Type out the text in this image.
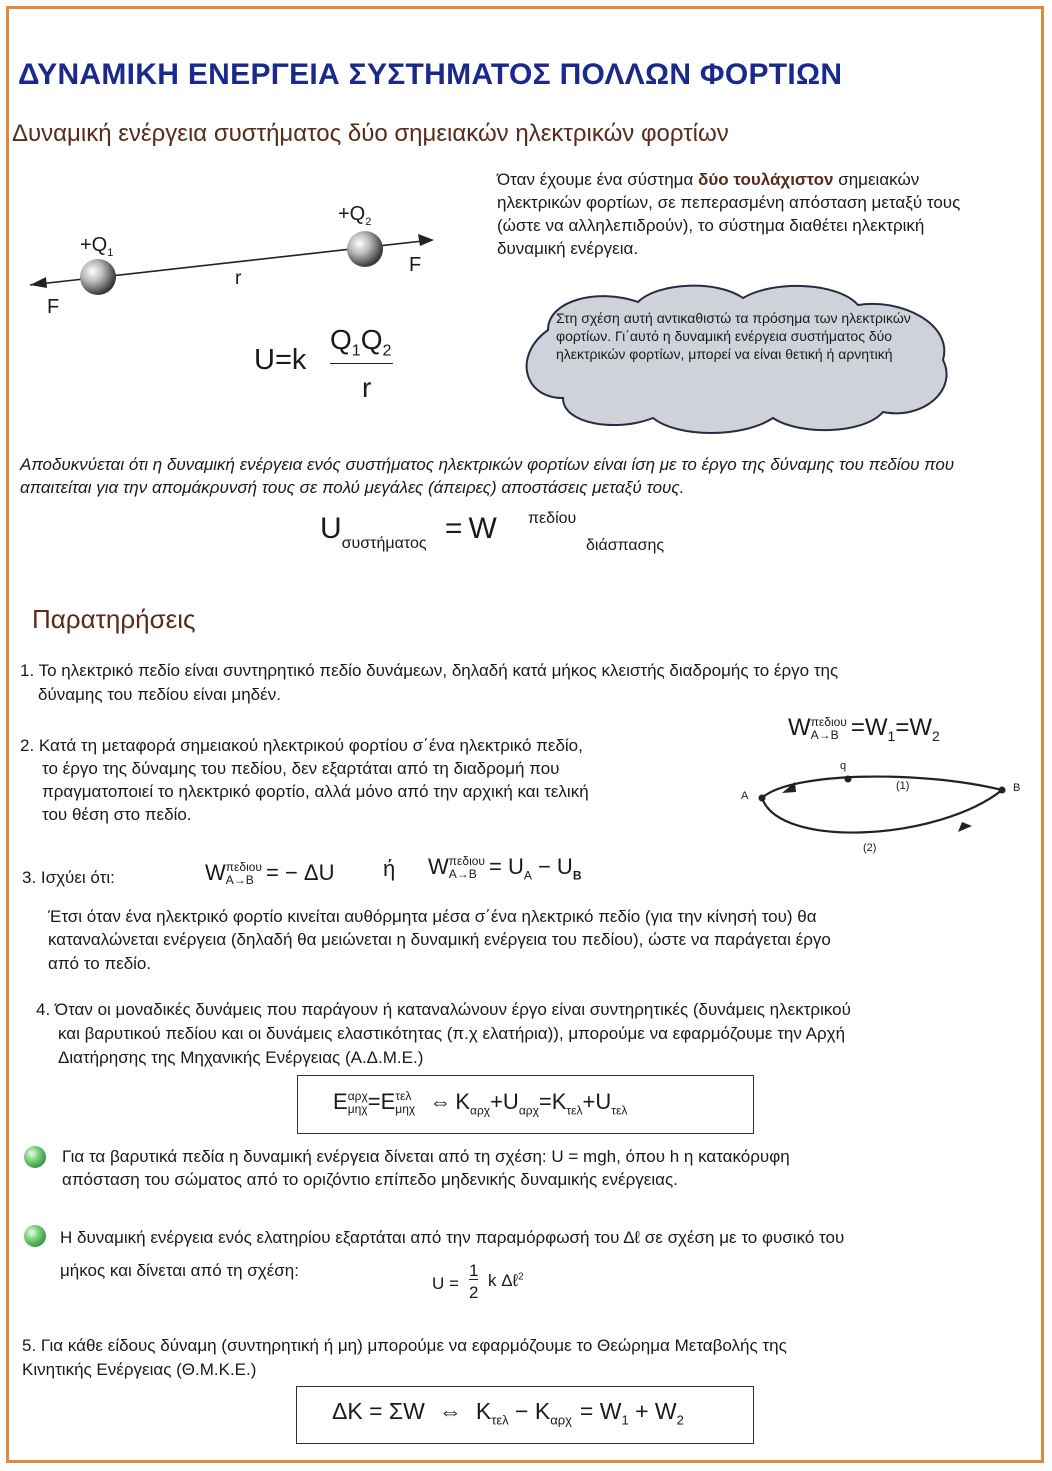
ΔΥΝΑΜΙΚΗ ΕΝΕΡΓΕΙΑ ΣΥΣΤΗΜΑΤΟΣ ΠΟΛΛΩΝ ΦΟΡΤΙΩΝ
Δυναμική ενέργεια συστήματος δύο σημειακών ηλεκτρικών φορτίων
$+Q_1$
$+Q_2$
r
F
F
U=k
$Q_1Q_2$
r
Όταν έχουμε ένα σύστημα δύο τουλάχιστον σημειακών ηλεκτρικών φορτίων, σε πεπερασμένη απόσταση μεταξύ τους (ώστε να αλληλεπιδρούν), το σύστημα διαθέτει ηλεκτρική δυναμική ενέργεια.
Στη σχέση αυτή αντικαθιστώ τα πρόσημα των ηλεκτρικών φορτίων. Γι΄αυτό η δυναμική ενέργεια συστήματος δύο ηλεκτρικών φορτίων, μπορεί να είναι θετική ή αρνητική
Αποδυκνύεται ότι η δυναμική ενέργεια ενός συστήματος ηλεκτρικών φορτίων είναι ίση με το έργο της δύναμης του πεδίου που απαιτείται για την απομάκρυνσή τους σε πολύ μεγάλες (άπειρες) αποστάσεις μεταξύ τους.
$U_{\sigma\upsilon\sigma\tau ή\mu\alpha\tau o\varsigma} = W$ πεδίου
διάσπασης
Παρατηρήσεις
1. Το ηλεκτρικό πεδίο είναι συντηρητικό πεδίο δυνάμεων, δηλαδή κατά μήκος κλειστής διαδρομής το έργο της
δύναμης του πεδίου είναι μηδέν.
2. Κατά τη μεταφορά σημειακού ηλεκτρικού φορτίου σ΄ένα ηλεκτρικό πεδίο,
το έργο της δύναμης του πεδίου, δεν εξαρτάται από τη διαδρομή που
πραγματοποιεί το ηλεκτρικό φορτίο, αλλά μόνο από την αρχική και τελική
του θέση στο πεδίο.
W πεδιου
$A\to B =W_1=W_2$
A
B
q
(1)
(2)
3. Ισχύει ότι:	W πεδιου
A→B = − ΔU ή W πεδιου
$A\to B = U_A - U_B$
Έτσι όταν ένα ηλεκτρικό φορτίο κινείται αυθόρμητα μέσα σ΄ένα ηλεκτρικό πεδίο (για την κίνησή του) θα
καταναλώνεται ενέργεια (δηλαδή θα μειώνεται η δυναμική ενέργεια του πεδίου), ώστε να παράγεται έργο
από το πεδίο.
4. Όταν οι μοναδικές δυνάμεις που παράγουν ή καταναλώνουν έργο είναι συντηρητικές (δυνάμεις ηλεκτρικού
και βαρυτικού πεδίου και οι δυνάμεις ελαστικότητας (π.χ ελατήρια)), μπορούμε να εφαρμόζουμε την Αρχή
Διατήρησης της Μηχανικής Ενέργειας (Α.Δ.Μ.Ε.)
E αρχ
μηχ =E τελ
μηχ ⇔ $K_{\alpha\rho\chi}+U_{\alpha\rho\chi}=K_{\tau\varepsilon\lambda}+U_{\tau\varepsilon\lambda}$
Για τα βαρυτικά πεδία η δυναμική ενέργεια δίνεται από τη σχέση: U = mgh, όπου h η κατακόρυφη
απόσταση του σώματος από το οριζόντιο επίπεδο μηδενικής δυναμικής ενέργειας.
Η δυναμική ενέργεια ενός ελατηρίου εξαρτάται από την παραμόρφωσή του Δℓ σε σχέση με το φυσικό του
μήκος και δίνεται από τη σχέση:
U =
1
2
k Δℓ$^2$
5. Για κάθε είδους δύναμη (συντηρητική ή μη) μπορούμε να εφαρμόζουμε το Θεώρημα Μεταβολής της
Κινητικής Ενέργειας (Θ.Μ.Κ.Ε.)
ΔK = ΣW ⇔ $K_{\tau\varepsilon\lambda} - K_{\alpha\rho\chi} = W_1 + W_2$
